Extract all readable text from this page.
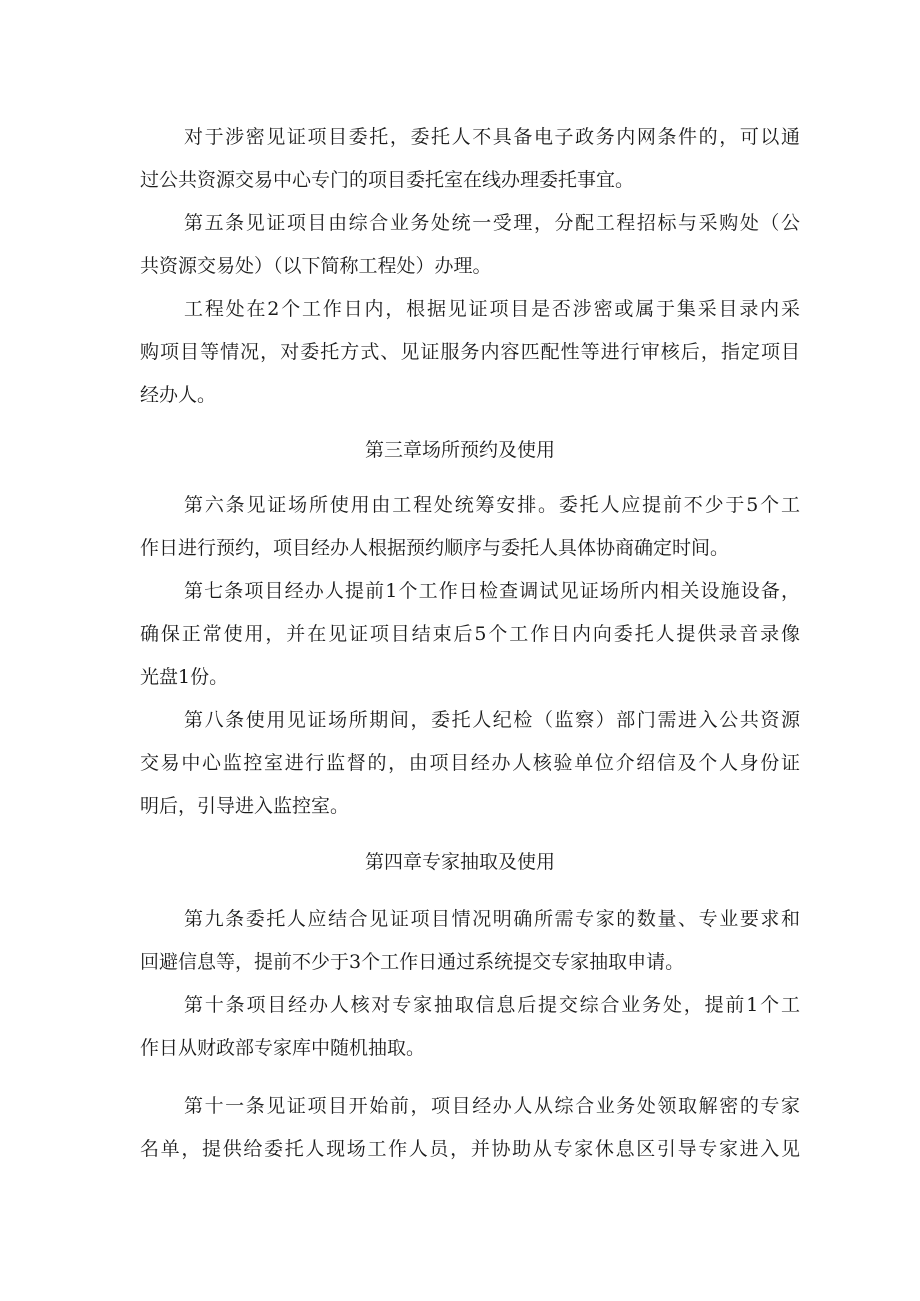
对于涉密见证项目委托，委托人不具备电子政务内网条件的，可以通
过公共资源交易中心专门的项目委托室在线办理委托事宜。
第五条见证项目由综合业务处统一受理，分配工程招标与采购处（公
共资源交易处）（以下简称工程处）办理。
工程处在2个工作日内，根据见证项目是否涉密或属于集采目录内采
购项目等情况，对委托方式、见证服务内容匹配性等进行审核后，指定项目
经办人。
第三章场所预约及使用
第六条见证场所使用由工程处统筹安排。委托人应提前不少于5个工
作日进行预约，项目经办人根据预约顺序与委托人具体协商确定时间。
第七条项目经办人提前1个工作日检查调试见证场所内相关设施设备，
确保正常使用，并在见证项目结束后5个工作日内向委托人提供录音录像
光盘1份。
第八条使用见证场所期间，委托人纪检（监察）部门需进入公共资源
交易中心监控室进行监督的，由项目经办人核验单位介绍信及个人身份证
明后，引导进入监控室。
第四章专家抽取及使用
第九条委托人应结合见证项目情况明确所需专家的数量、专业要求和
回避信息等，提前不少于3个工作日通过系统提交专家抽取申请。
第十条项目经办人核对专家抽取信息后提交综合业务处，提前1个工
作日从财政部专家库中随机抽取。
第十一条见证项目开始前，项目经办人从综合业务处领取解密的专家
名单，提供给委托人现场工作人员，并协助从专家休息区引导专家进入见
